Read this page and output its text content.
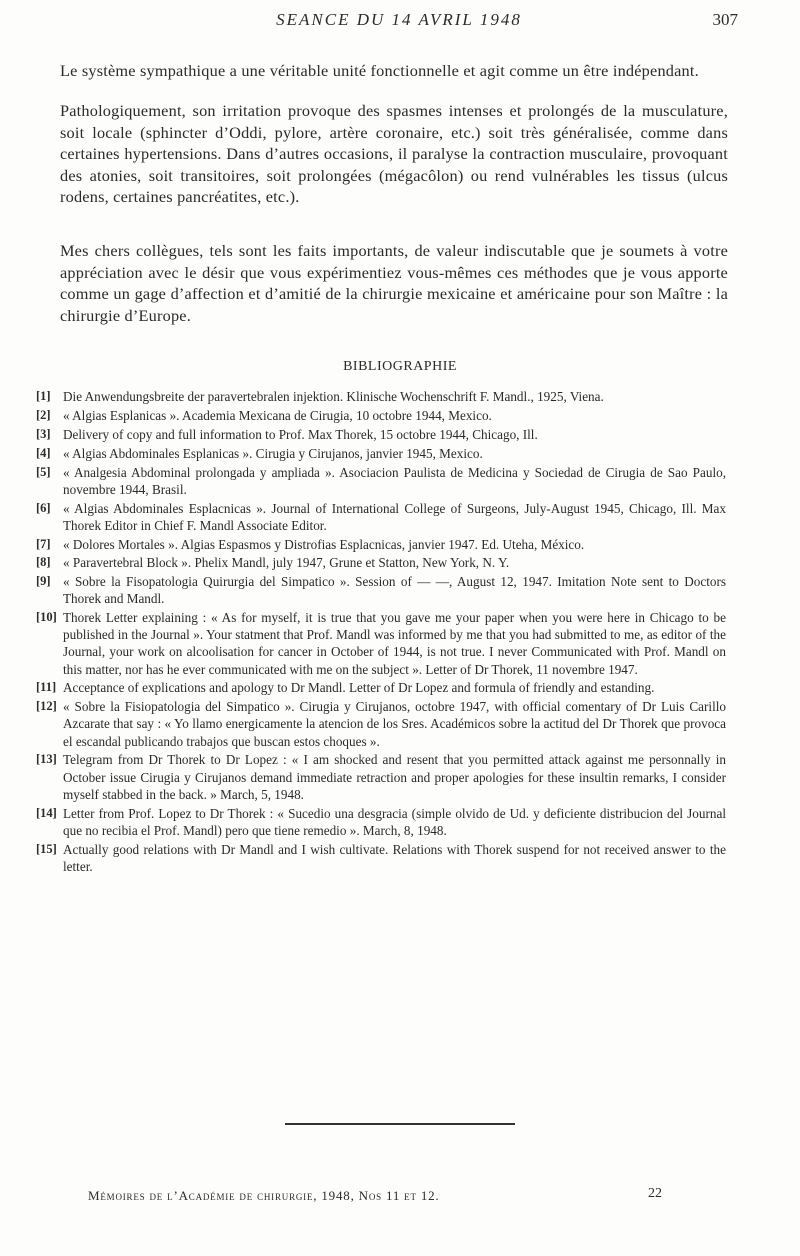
SEANCE DU 14 AVRIL 1948	307

Le système sympathique a une véritable unité fonctionnelle et agit comme un être indépendant.

Pathologiquement, son irritation provoque des spasmes intenses et prolongés de la musculature, soit locale (sphincter d’Oddi, pylore, artère coronaire, etc.) soit très généralisée, comme dans certaines hypertensions. Dans d’autres occasions, il paralyse la contraction musculaire, provoquant des atonies, soit transitoires, soit prolongées (mégacôlon) ou rend vulnérables les tissus (ulcus rodens, certaines pancréatites, etc.).

Mes chers collègues, tels sont les faits importants, de valeur indiscutable que je soumets à votre appréciation avec le désir que vous expérimentiez vous-mêmes ces méthodes que je vous apporte comme un gage d’affection et d’amitié de la chirurgie mexicaine et américaine pour son Maître : la chirurgie d’Europe.

BIBLIOGRAPHIE
[1] Die Anwendungsbreite der paravertebralen injektion. Klinische Wochenschrift F. Mandl., 1925, Viena.
[2] « Algias Esplanicas ». Academia Mexicana de Cirugia, 10 octobre 1944, Mexico.
[3] Delivery of copy and full information to Prof. Max Thorek, 15 octobre 1944, Chicago, Ill.
[4] « Algias Abdominales Esplanicas ». Cirugia y Cirujanos, janvier 1945, Mexico.
[5] « Analgesia Abdominal prolongada y ampliada ». Asociacion Paulista de Medicina y Sociedad de Cirugia de Sao Paulo, novembre 1944, Brasil.
[6] « Algias Abdominales Esplacnicas ». Journal of International College of Surgeons, July-August 1945, Chicago, Ill. Max Thorek Editor in Chief F. Mandl Associate Editor.
[7] « Dolores Mortales ». Algias Espasmos y Distrofias Esplacnicas, janvier 1947. Ed. Uteha, México.
[8] « Paravertebral Block ». Phelix Mandl, july 1947, Grune et Statton, New York, N. Y.
[9] « Sobre la Fisopatologia Quirurgia del Simpatico ». Session of — —, August 12, 1947. Imitation Note sent to Doctors Thorek and Mandl.
[10] Thorek Letter explaining : « As for myself, it is true that you gave me your paper when you were here in Chicago to be published in the Journal ». Your statment that Prof. Mandl was informed by me that you had submitted to me, as editor of the Journal, your work on alcoolisation for cancer in October of 1944, is not true. I never Communicated with Prof. Mandl on this matter, nor has he ever communicated with me on the subject ». Letter of Dr Thorek, 11 novembre 1947.
[11] Acceptance of explications and apology to Dr Mandl. Letter of Dr Lopez and formula of friendly and estanding.
[12] « Sobre la Fisiopatologia del Simpatico ». Cirugia y Cirujanos, octobre 1947, with official comentary of Dr Luis Carillo Azcarate that say : « Yo llamo energicamente la atencion de los Sres. Académicos sobre la actitud del Dr Thorek que provoca el escandal publicando trabajos que buscan estos choques ».
[13] Telegram from Dr Thorek to Dr Lopez : « I am shocked and resent that you permitted attack against me personnally in October issue Cirugia y Cirujanos demand immediate retraction and proper apologies for these insultin remarks, I consider myself stabbed in the back. » March, 5, 1948.
[14] Letter from Prof. Lopez to Dr Thorek : « Sucedio una desgracia (simple olvido de Ud. y deficiente distribucion del Journal que no recibia el Prof. Mandl) pero que tiene remedio ». March, 8, 1948.
[15] Actually good relations with Dr Mandl and I wish cultivate. Relations with Thorek suspend for not received answer to the letter.
Mémoires de l’Académie de chirurgie, 1948, Nos 11 et 12.	22
